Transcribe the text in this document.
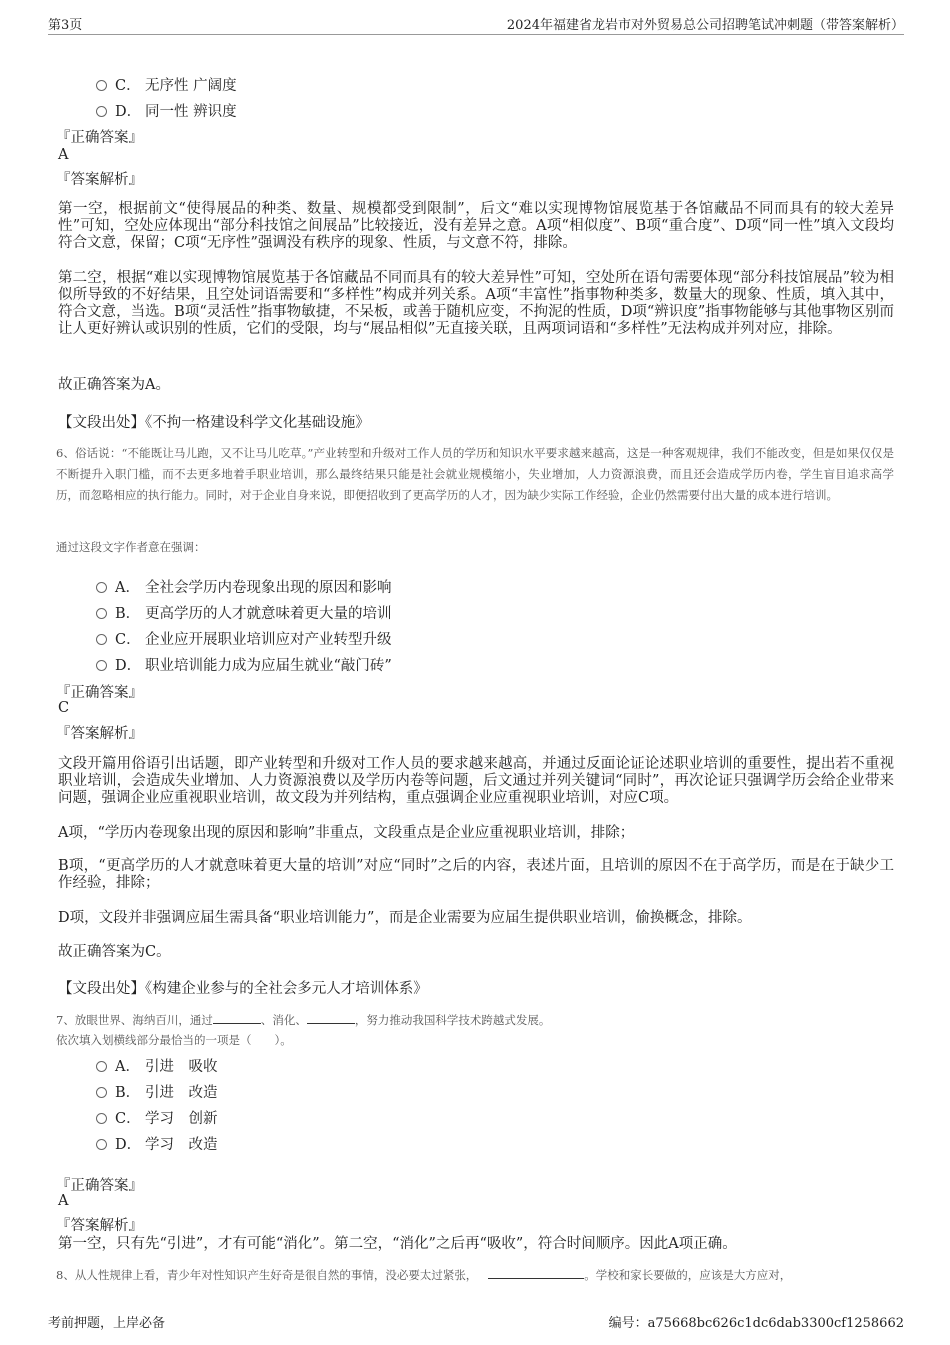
第3页	2024年福建省龙岩市对外贸易总公司招聘笔试冲刺题（带答案解析）
C． 无序性 广阔度
D． 同一性 辨识度
『正确答案』
A
『答案解析』
第一空，根据前文“使得展品的种类、数量、规模都受到限制”，后文“难以实现博物馆展览基于各馆藏品不同而具有的较大差异性”可知，空处应体现出“部分科技馆之间展品”比较接近，没有差异之意。A项“相似度”、B项“重合度”、D项“同一性”填入文段均符合文意，保留；C项“无序性”强调没有秩序的现象、性质，与文意不符，排除。
第二空，根据“难以实现博物馆展览基于各馆藏品不同而具有的较大差异性”可知，空处所在语句需要体现“部分科技馆展品”较为相似所导致的不好结果，且空处词语需要和“多样性”构成并列关系。A项“丰富性”指事物种类多，数量大的现象、性质，填入其中，符合文意，当选。B项“灵活性”指事物敏捷，不呆板，或善于随机应变，不拘泥的性质，D项“辨识度”指事物能够与其他事物区别而让人更好辨认或识别的性质，它们的受限，均与“展品相似”无直接关联，且两项词语和“多样性”无法构成并列对应，排除。
故正确答案为A。
【文段出处】《不拘一格建设科学文化基础设施》
6、俗话说：“不能既让马儿跑，又不让马儿吃草。”产业转型和升级对工作人员的学历和知识水平要求越来越高，这是一种客观规律，我们不能改变，但是如果仅仅是不断提升入职门槛，而不去更多地着手职业培训，那么最终结果只能是社会就业规模缩小，失业增加，人力资源浪费，而且还会造成学历内卷，学生盲目追求高学历，而忽略相应的执行能力。同时，对于企业自身来说，即便招收到了更高学历的人才，因为缺少实际工作经验，企业仍然需要付出大量的成本进行培训。
通过这段文字作者意在强调：
A． 全社会学历内卷现象出现的原因和影响
B． 更高学历的人才就意味着更大量的培训
C． 企业应开展职业培训应对产业转型升级
D． 职业培训能力成为应届生就业“敲门砖”
『正确答案』
C
『答案解析』
文段开篇用俗语引出话题，即产业转型和升级对工作人员的要求越来越高，并通过反面论证论述职业培训的重要性，提出若不重视职业培训，会造成失业增加、人力资源浪费以及学历内卷等问题，后文通过并列关键词“同时”，再次论证只强调学历会给企业带来问题，强调企业应重视职业培训，故文段为并列结构，重点强调企业应重视职业培训，对应C项。
A项，“学历内卷现象出现的原因和影响”非重点，文段重点是企业应重视职业培训，排除；
B项，“更高学历的人才就意味着更大量的培训”对应“同时”之后的内容，表述片面，且培训的原因不在于高学历，而是在于缺少工作经验，排除；
D项，文段并非强调应届生需具备“职业培训能力”，而是企业需要为应届生提供职业培训，偷换概念，排除。
故正确答案为C。
【文段出处】《构建企业参与的全社会多元人才培训体系》
7、放眼世界、海纳百川，通过	、消化、	，努力推动我国科学技术跨越式发展。
依次填入划横线部分最恰当的一项是（　　）。
A． 引进　吸收
B． 引进　改造
C． 学习　创新
D． 学习　改造
『正确答案』
A
『答案解析』
第一空，只有先“引进”，才有可能“消化”。第二空，“消化”之后再“吸收”，符合时间顺序。因此A项正确。
8、从人性规律上看，青少年对性知识产生好奇是很自然的事情，没必要太过紧张，	。学校和家长要做的，应该是大方应对，
考前押题，上岸必备	编号：a75668bc626c1dc6dab3300cf1258662
